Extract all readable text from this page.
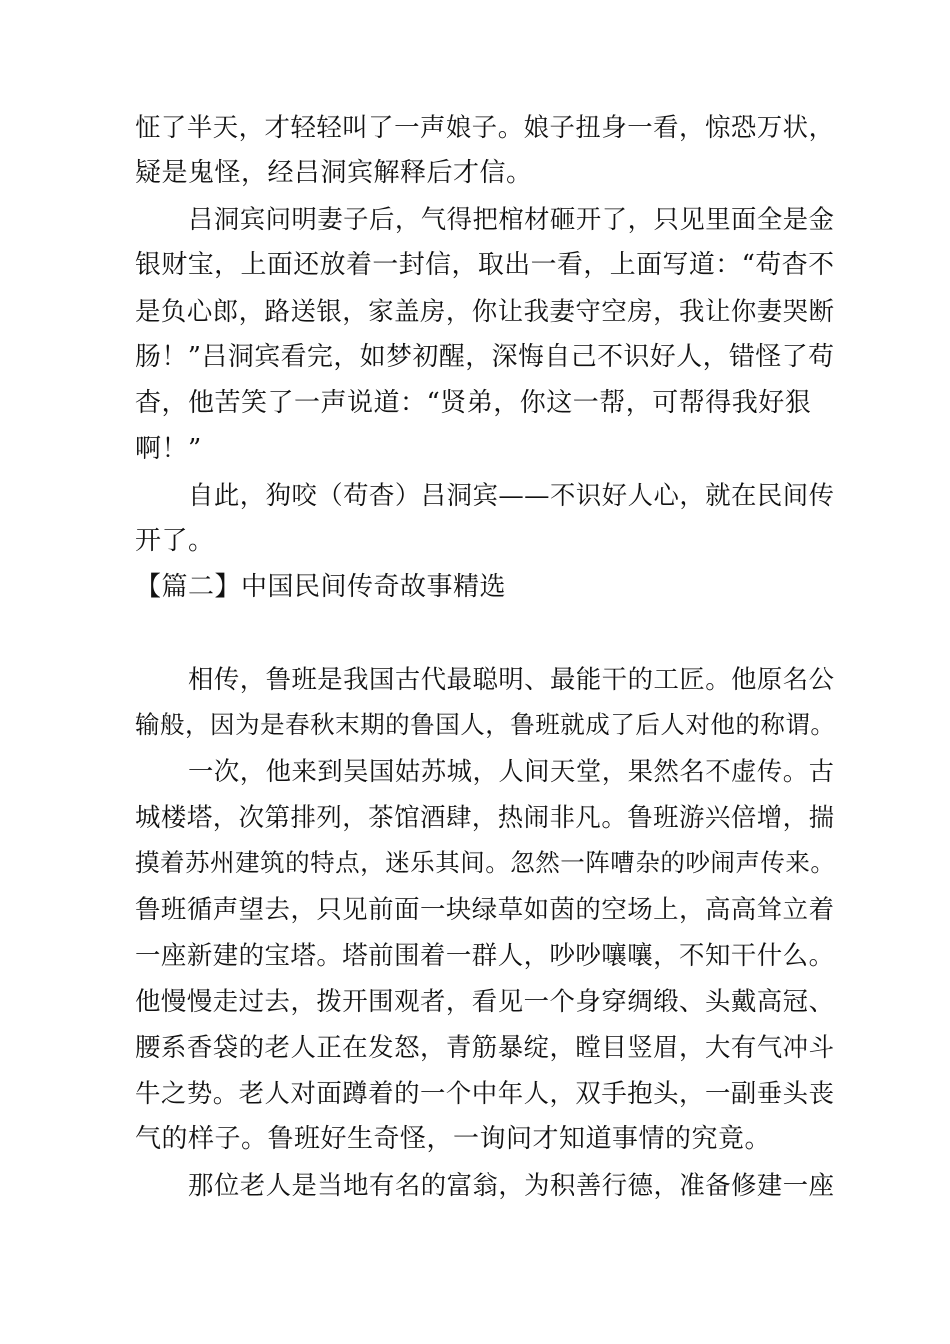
怔了半天，才轻轻叫了一声娘子。娘子扭身一看，惊恐万状，
疑是鬼怪，经吕洞宾解释后才信。
吕洞宾问明妻子后，气得把棺材砸开了，只见里面全是金
银财宝，上面还放着一封信，取出一看，上面写道：“苟杳不
是负心郎，路送银，家盖房，你让我妻守空房，我让你妻哭断
肠！”吕洞宾看完，如梦初醒，深悔自己不识好人，错怪了苟
杳，他苦笑了一声说道：“贤弟，你这一帮，可帮得我好狠
啊！”
自此，狗咬（苟杳）吕洞宾——不识好人心，就在民间传
开了。
【篇二】中国民间传奇故事精选
相传，鲁班是我国古代最聪明、最能干的工匠。他原名公
输般，因为是春秋末期的鲁国人，鲁班就成了后人对他的称谓。
一次，他来到吴国姑苏城，人间天堂，果然名不虚传。古
城楼塔，次第排列，茶馆酒肆，热闹非凡。鲁班游兴倍增，揣
摸着苏州建筑的特点，迷乐其间。忽然一阵嘈杂的吵闹声传来。
鲁班循声望去，只见前面一块绿草如茵的空场上，高高耸立着
一座新建的宝塔。塔前围着一群人，吵吵嚷嚷，不知干什么。
他慢慢走过去，拨开围观者，看见一个身穿绸缎、头戴高冠、
腰系香袋的老人正在发怒，青筋暴绽，瞠目竖眉，大有气冲斗
牛之势。老人对面蹲着的一个中年人，双手抱头，一副垂头丧
气的样子。鲁班好生奇怪，一询问才知道事情的究竟。
那位老人是当地有名的富翁，为积善行德，准备修建一座
